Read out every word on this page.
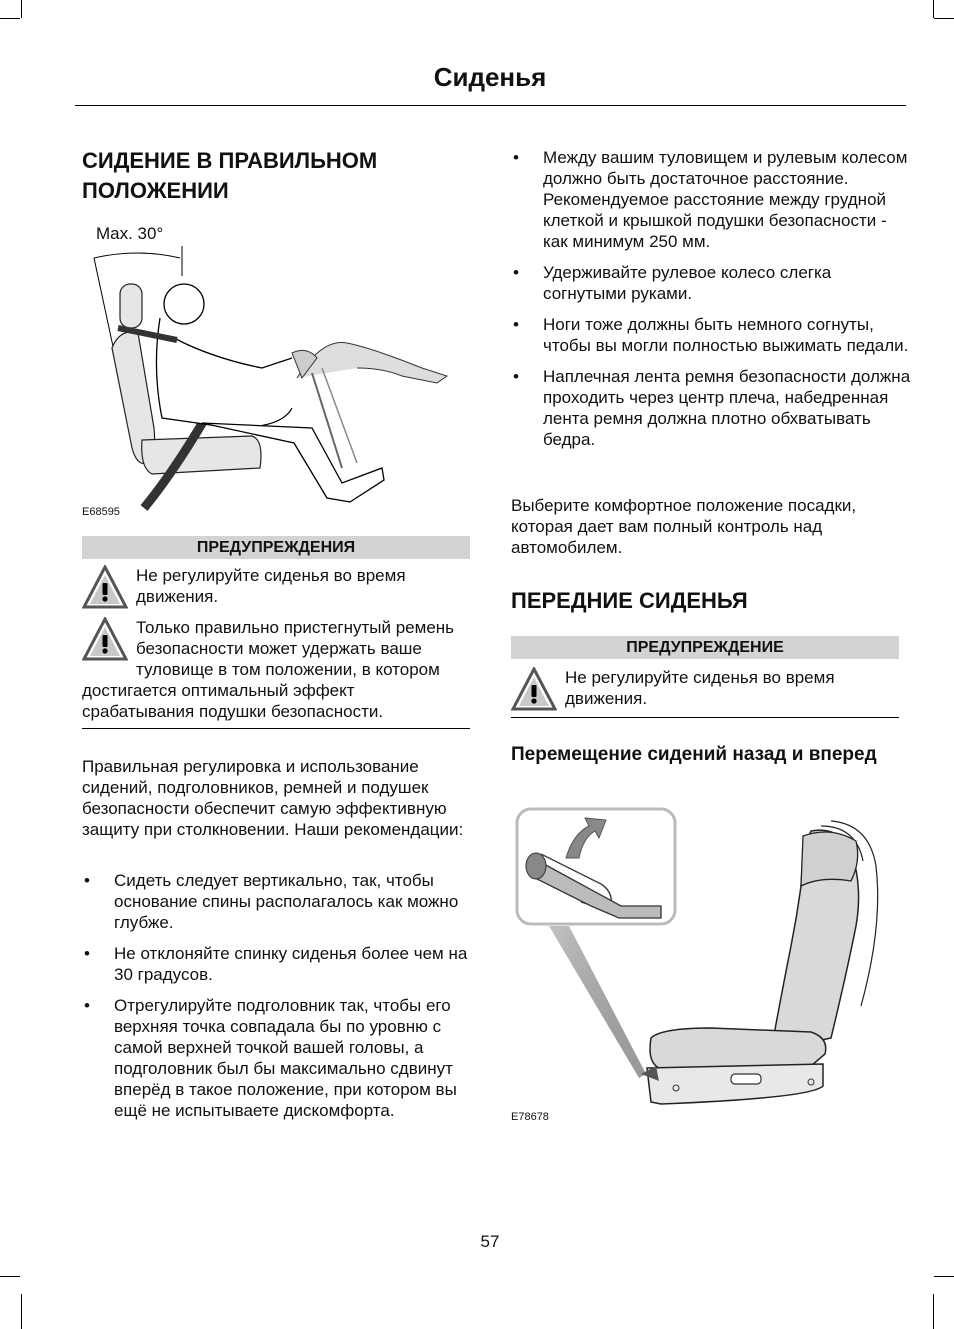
Сиденья
СИДЕНИЕ В ПРАВИЛЬНОМ
ПОЛОЖЕНИИ
Max. 30°
E68595
ПРЕДУПРЕЖДЕНИЯ
Не регулируйте сиденья во время движения.
Только правильно пристегнутый ремень безопасности может удержать ваше туловище в том положении, в котором достигается оптимальный эффект срабатывания подушки безопасности.
Правильная регулировка и использование сидений, подголовников, ремней и подушек безопасности обеспечит самую эффективную защиту при столкновении. Наши рекомендации:
• Сидеть следует вертикально, так, чтобы основание спины располагалось как можно глубже.
• Не отклоняйте спинку сиденья более чем на 30 градусов.
• Отрегулируйте подголовник так, чтобы его верхняя точка совпадала бы по уровню с самой верхней точкой вашей головы, а подголовник был бы максимально сдвинут вперёд в такое положение, при котором вы ещё не испытываете дискомфорта.
• Между вашим туловищем и рулевым колесом должно быть достаточное расстояние. Рекомендуемое расстояние между грудной клеткой и крышкой подушки безопасности - как минимум 250 мм.
• Удерживайте рулевое колесо слегка согнутыми руками.
• Ноги тоже должны быть немного согнуты, чтобы вы могли полностью выжимать педали.
• Наплечная лента ремня безопасности должна проходить через центр плеча, набедренная лента ремня должна плотно обхватывать бедра.
Выберите комфортное положение посадки, которая дает вам полный контроль над автомобилем.
ПЕРЕДНИЕ СИДЕНЬЯ
ПРЕДУПРЕЖДЕНИЕ
Не регулируйте сиденья во время движения.
Перемещение сидений назад и вперед
E78678
57
